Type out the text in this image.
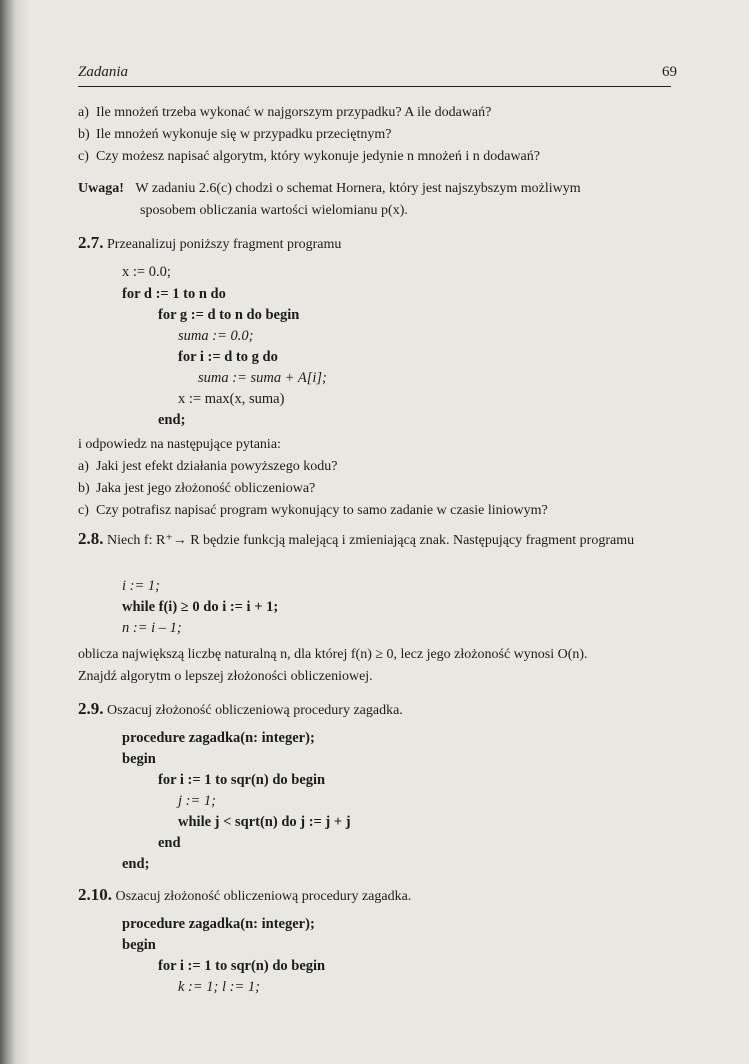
Zadania	69
a) Ile mnożeń trzeba wykonać w najgorszym przypadku? A ile dodawań?
b) Ile mnożeń wykonuje się w przypadku przeciętnym?
c) Czy możesz napisać algorytm, który wykonuje jedynie n mnożeń i n dodawań?
Uwaga! W zadaniu 2.6(c) chodzi o schemat Hornera, który jest najszybszym możliwym
sposobem obliczania wartości wielomianu p(x).
2.7. Przeanalizuj poniższy fragment programu
x := 0.0;
for d := 1 to n do
for g := d to n do begin
suma := 0.0;
for i := d to g do
suma := suma + A[i];
x := max(x, suma)
end;
i odpowiedz na następujące pytania:
a) Jaki jest efekt działania powyższego kodu?
b) Jaka jest jego złożoność obliczeniowa?
c) Czy potrafisz napisać program wykonujący to samo zadanie w czasie liniowym?
2.8. Niech f: R⁺→ R będzie funkcją malejącą i zmieniającą znak. Następujący fragment programu
i := 1;
while f(i) ≥ 0 do i := i + 1;
n := i – 1;
oblicza największą liczbę naturalną n, dla której f(n) ≥ 0, lecz jego złożoność wynosi O(n).
Znajdź algorytm o lepszej złożoności obliczeniowej.
2.9. Oszacuj złożoność obliczeniową procedury zagadka.
procedure zagadka(n: integer);
begin
for i := 1 to sqr(n) do begin
j := 1;
while j < sqrt(n) do j := j + j
end
end;
2.10. Oszacuj złożoność obliczeniową procedury zagadka.
procedure zagadka(n: integer);
begin
for i := 1 to sqr(n) do begin
k := 1; l := 1;
